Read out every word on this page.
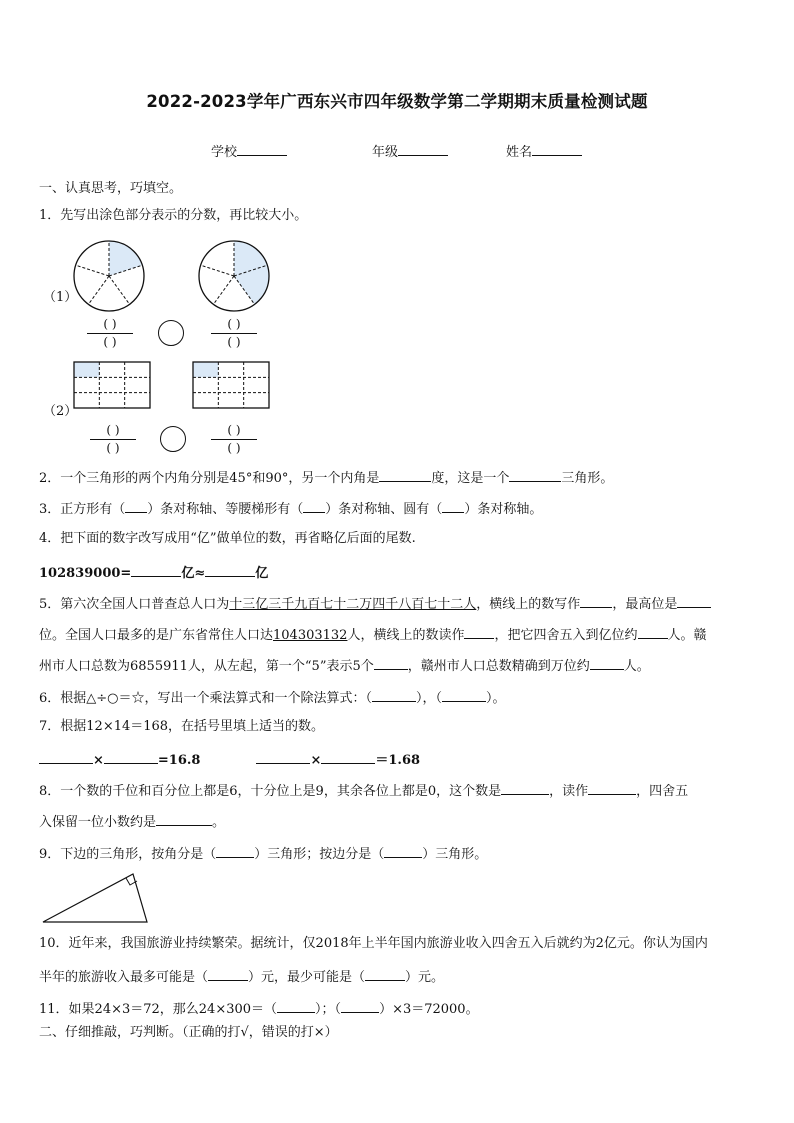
2022-2023学年广西东兴市四年级数学第二学期期末质量检测试题
学校	年级	姓名
一、认真思考，巧填空。
1．先写出涂色部分表示的分数，再比较大小。
（1）
( )
( )
( )
( )
（2）
( )
( )
( )
( )
2．一个三角形的两个内角分别是45°和90°，另一个内角是	度，这是一个	三角形。
3．正方形有（ ）条对称轴、等腰梯形有（ ）条对称轴、圆有（ ）条对称轴。
4．把下面的数字改写成用“亿”做单位的数，再省略亿后面的尾数.
102839000=	亿≈	亿
5．第六次全国人口普查总人口为十三亿三千九百七十二万四千八百七十二人，横线上的数写作 ，最高位是
位。全国人口最多的是广东省常住人口达104303132人，横线上的数读作 ，把它四舍五入到亿位约 人。赣
州市人口总数为6855911人，从左起，第一个“5”表示5个	，赣州市人口总数精确到万位约	人。
6．根据△÷○＝☆，写出一个乘法算式和一个除法算式：（	），（	）。
7．根据12×14＝168，在括号里填上适当的数。
×	=16.8	×	＝1.68
8．一个数的千位和百分位上都是6，十分位上是9，其余各位上都是0，这个数是	，读作	，四舍五
入保留一位小数约是	。
9．下边的三角形，按角分是（	）三角形；按边分是（	）三角形。
10．近年来，我国旅游业持续繁荣。据统计，仅2018年上半年国内旅游业收入四舍五入后就约为2亿元。你认为国内
半年的旅游收入最多可能是（	）元，最少可能是（	）元。
11．如果24×3＝72，那么24×300＝（	）；（	）×3＝72000。
二、仔细推敲，巧判断。（正确的打√，错误的打×）
